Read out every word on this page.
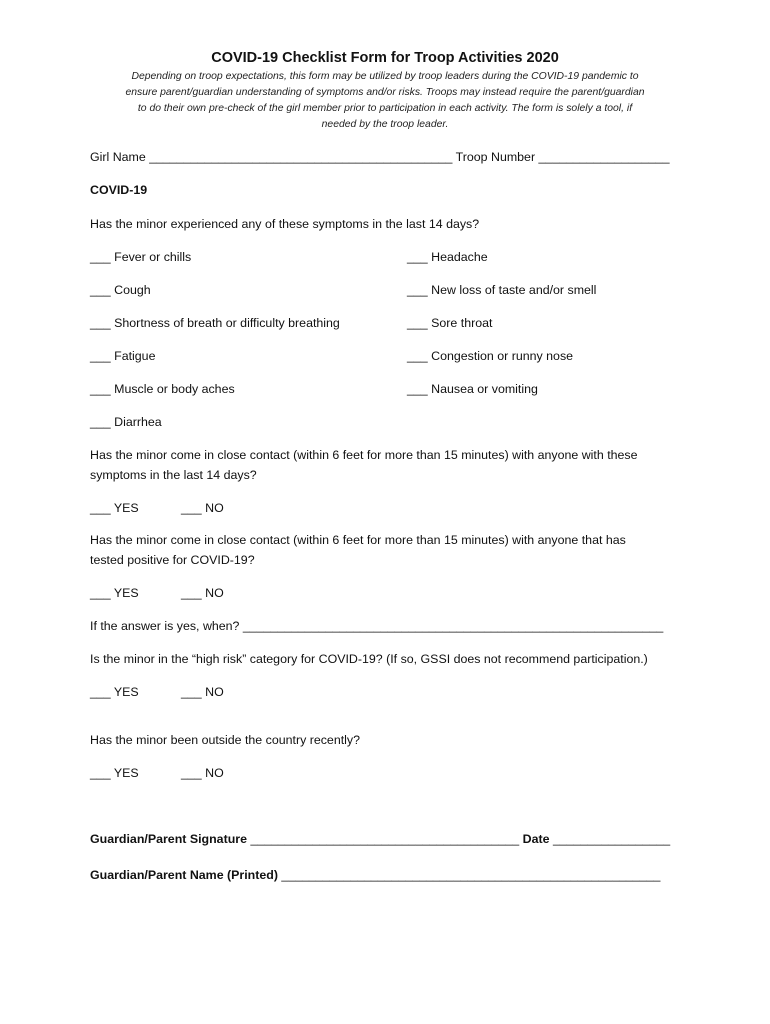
COVID-19 Checklist Form for Troop Activities 2020
Depending on troop expectations, this form may be utilized by troop leaders during the COVID-19 pandemic to
ensure parent/guardian understanding of symptoms and/or risks. Troops may instead require the parent/guardian
to do their own pre-check of the girl member prior to participation in each activity. The form is solely a tool, if
needed by the troop leader.
Girl Name ____________________________________________ Troop Number ___________________
COVID-19
Has the minor experienced any of these symptoms in the last 14 days?
___ Fever or chills
___ Cough
___ Shortness of breath or difficulty breathing
___ Fatigue
___ Muscle or body aches
___ Diarrhea
___ Headache
___ New loss of taste and/or smell
___ Sore throat
___ Congestion or runny nose
___ Nausea or vomiting
Has the minor come in close contact (within 6 feet for more than 15 minutes) with anyone with these
symptoms in the last 14 days?
___ YES	___ NO
Has the minor come in close contact (within 6 feet for more than 15 minutes) with anyone that has
tested positive for COVID-19?
___ YES	___ NO
If the answer is yes, when? _____________________________________________________________
Is the minor in the “high risk” category for COVID-19? (If so, GSSI does not recommend participation.)
___ YES	___ NO
Has the minor been outside the country recently?
___ YES	___ NO
Guardian/Parent Signature _______________________________________ Date _________________
Guardian/Parent Name (Printed) _______________________________________________________
